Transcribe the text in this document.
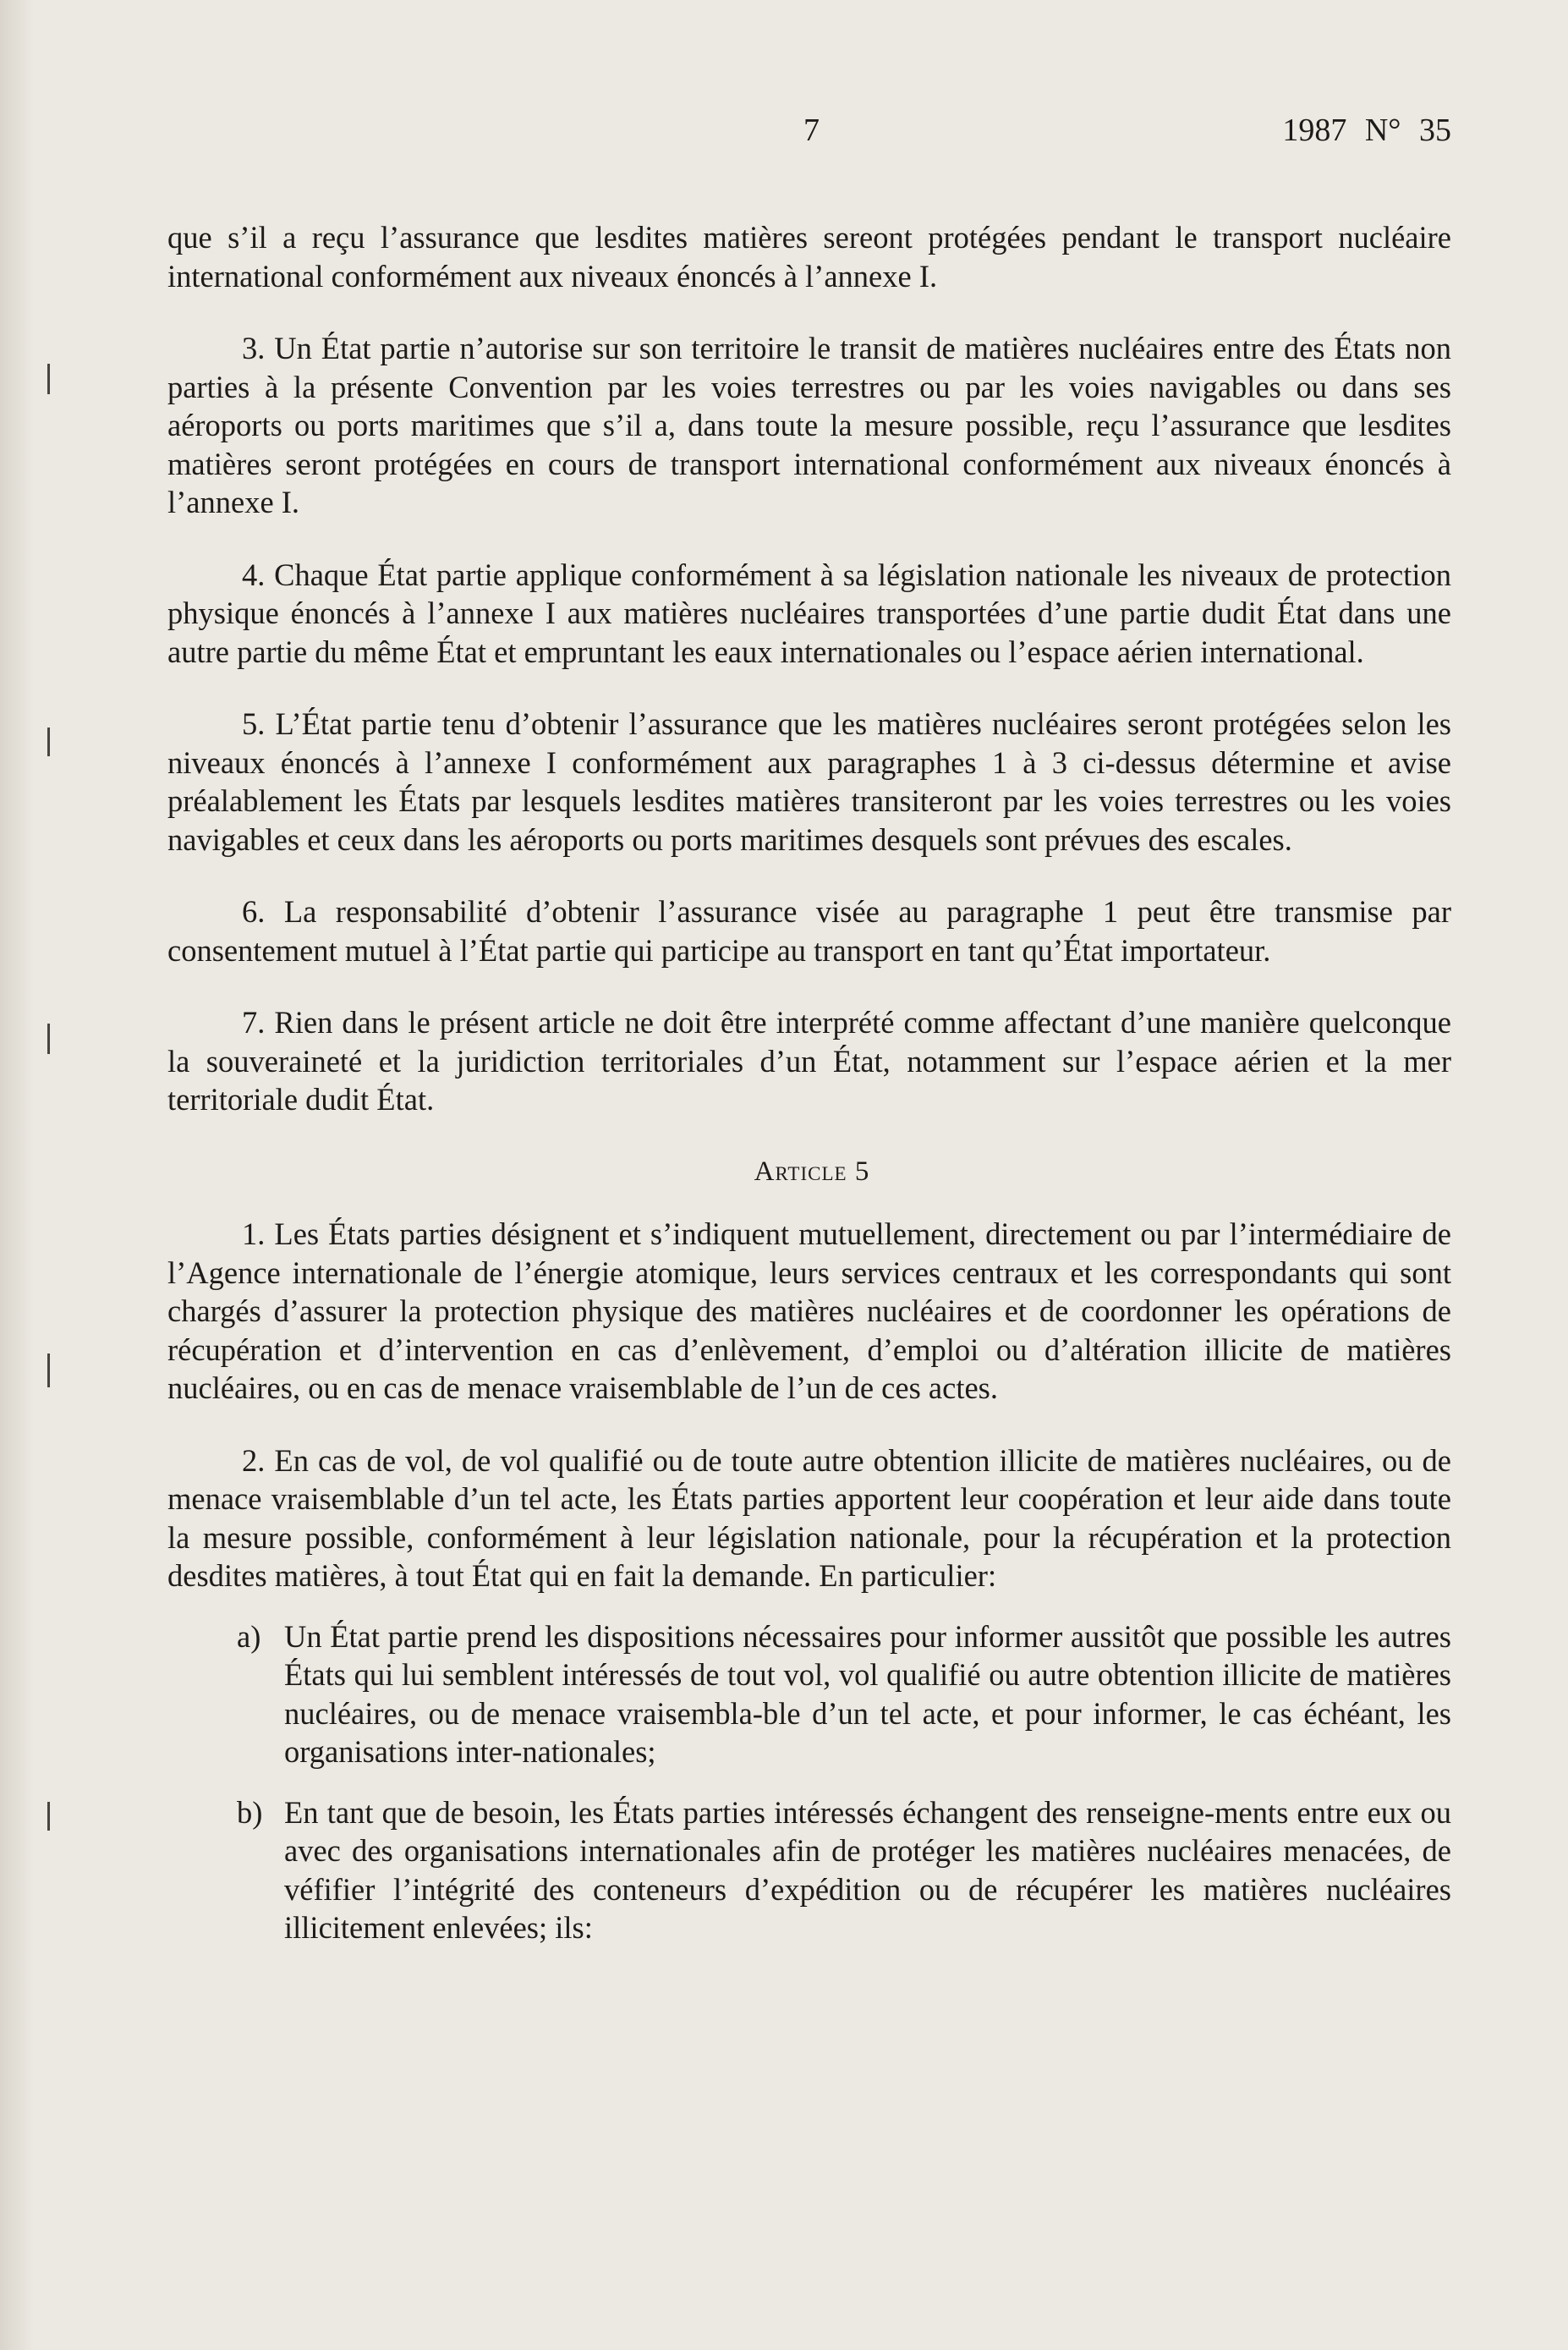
7	1987 N° 35

que s’il a reçu l’assurance que lesdites matières sereont protégées pendant le transport nucléaire international conformément aux niveaux énoncés à l’annexe I.

3. Un État partie n’autorise sur son territoire le transit de matières nucléaires entre des États non parties à la présente Convention par les voies terrestres ou par les voies navigables ou dans ses aéroports ou ports maritimes que s’il a, dans toute la mesure possible, reçu l’assurance que lesdites matières seront protégées en cours de transport international conformément aux niveaux énoncés à l’annexe I.

4. Chaque État partie applique conformément à sa législation nationale les niveaux de protection physique énoncés à l’annexe I aux matières nucléaires transportées d’une partie dudit État dans une autre partie du même État et empruntant les eaux internationales ou l’espace aérien international.

5. L’État partie tenu d’obtenir l’assurance que les matières nucléaires seront protégées selon les niveaux énoncés à l’annexe I conformément aux paragraphes 1 à 3 ci-dessus détermine et avise préalablement les États par lesquels lesdites matières transiteront par les voies terrestres ou les voies navigables et ceux dans les aéroports ou ports maritimes desquels sont prévues des escales.

6. La responsabilité d’obtenir l’assurance visée au paragraphe 1 peut être transmise par consentement mutuel à l’État partie qui participe au transport en tant qu’État importateur.

7. Rien dans le présent article ne doit être interprété comme affectant d’une manière quelconque la souveraineté et la juridiction territoriales d’un État, notamment sur l’espace aérien et la mer territoriale dudit État.

Article 5

1. Les États parties désignent et s’indiquent mutuellement, directement ou par l’intermédiaire de l’Agence internationale de l’énergie atomique, leurs services centraux et les correspondants qui sont chargés d’assurer la protection physique des matières nucléaires et de coordonner les opérations de récupération et d’intervention en cas d’enlèvement, d’emploi ou d’altération illicite de matières nucléaires, ou en cas de menace vraisemblable de l’un de ces actes.

2. En cas de vol, de vol qualifié ou de toute autre obtention illicite de matières nucléaires, ou de menace vraisemblable d’un tel acte, les États parties apportent leur coopération et leur aide dans toute la mesure possible, conformément à leur législation nationale, pour la récupération et la protection desdites matières, à tout État qui en fait la demande. En particulier:

a) Un État partie prend les dispositions nécessaires pour informer aussitôt que possible les autres États qui lui semblent intéressés de tout vol, vol qualifié ou autre obtention illicite de matières nucléaires, ou de menace vraisembla-ble d’un tel acte, et pour informer, le cas échéant, les organisations inter-nationales;
b) En tant que de besoin, les États parties intéressés échangent des renseigne-ments entre eux ou avec des organisations internationales afin de protéger les matières nucléaires menacées, de véfifier l’intégrité des conteneurs d’expédition ou de récupérer les matières nucléaires illicitement enlevées; ils:
